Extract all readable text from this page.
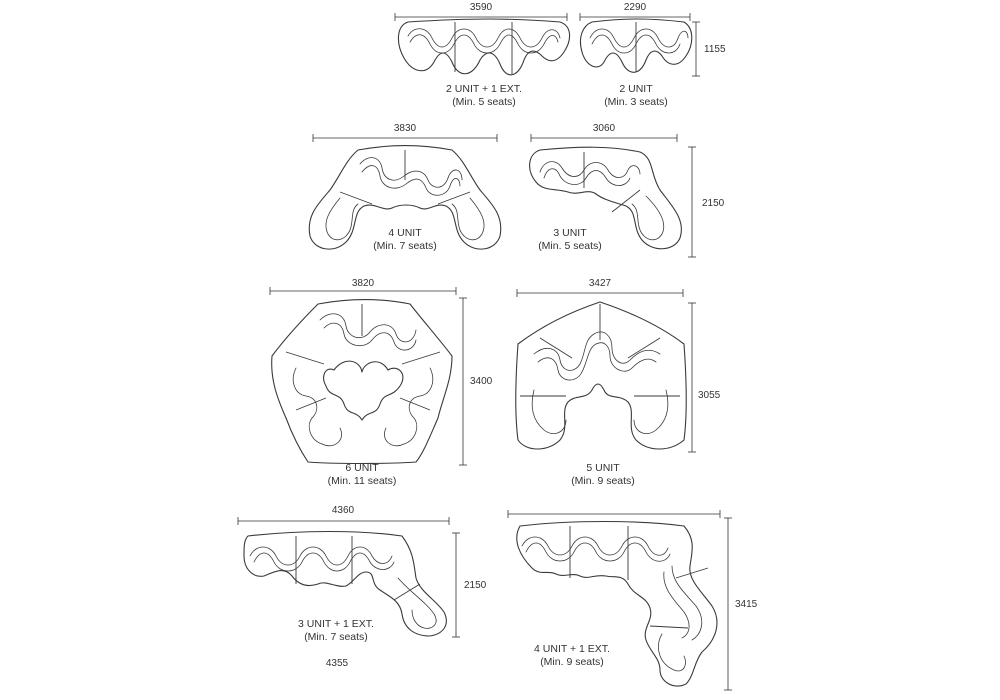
3590
2 UNIT + 1 EXT.
(Min. 5 seats)
2290
1155
2 UNIT
(Min. 3 seats)
3830
4 UNIT
(Min. 7 seats)
3060
2150
3 UNIT
(Min. 5 seats)
3820
3400
6 UNIT
(Min. 11 seats)
3427
3055
5 UNIT
(Min. 9 seats)
4360
2150
3 UNIT + 1 EXT.
(Min. 7 seats)
4355
3415
4 UNIT + 1 EXT.
(Min. 9 seats)
